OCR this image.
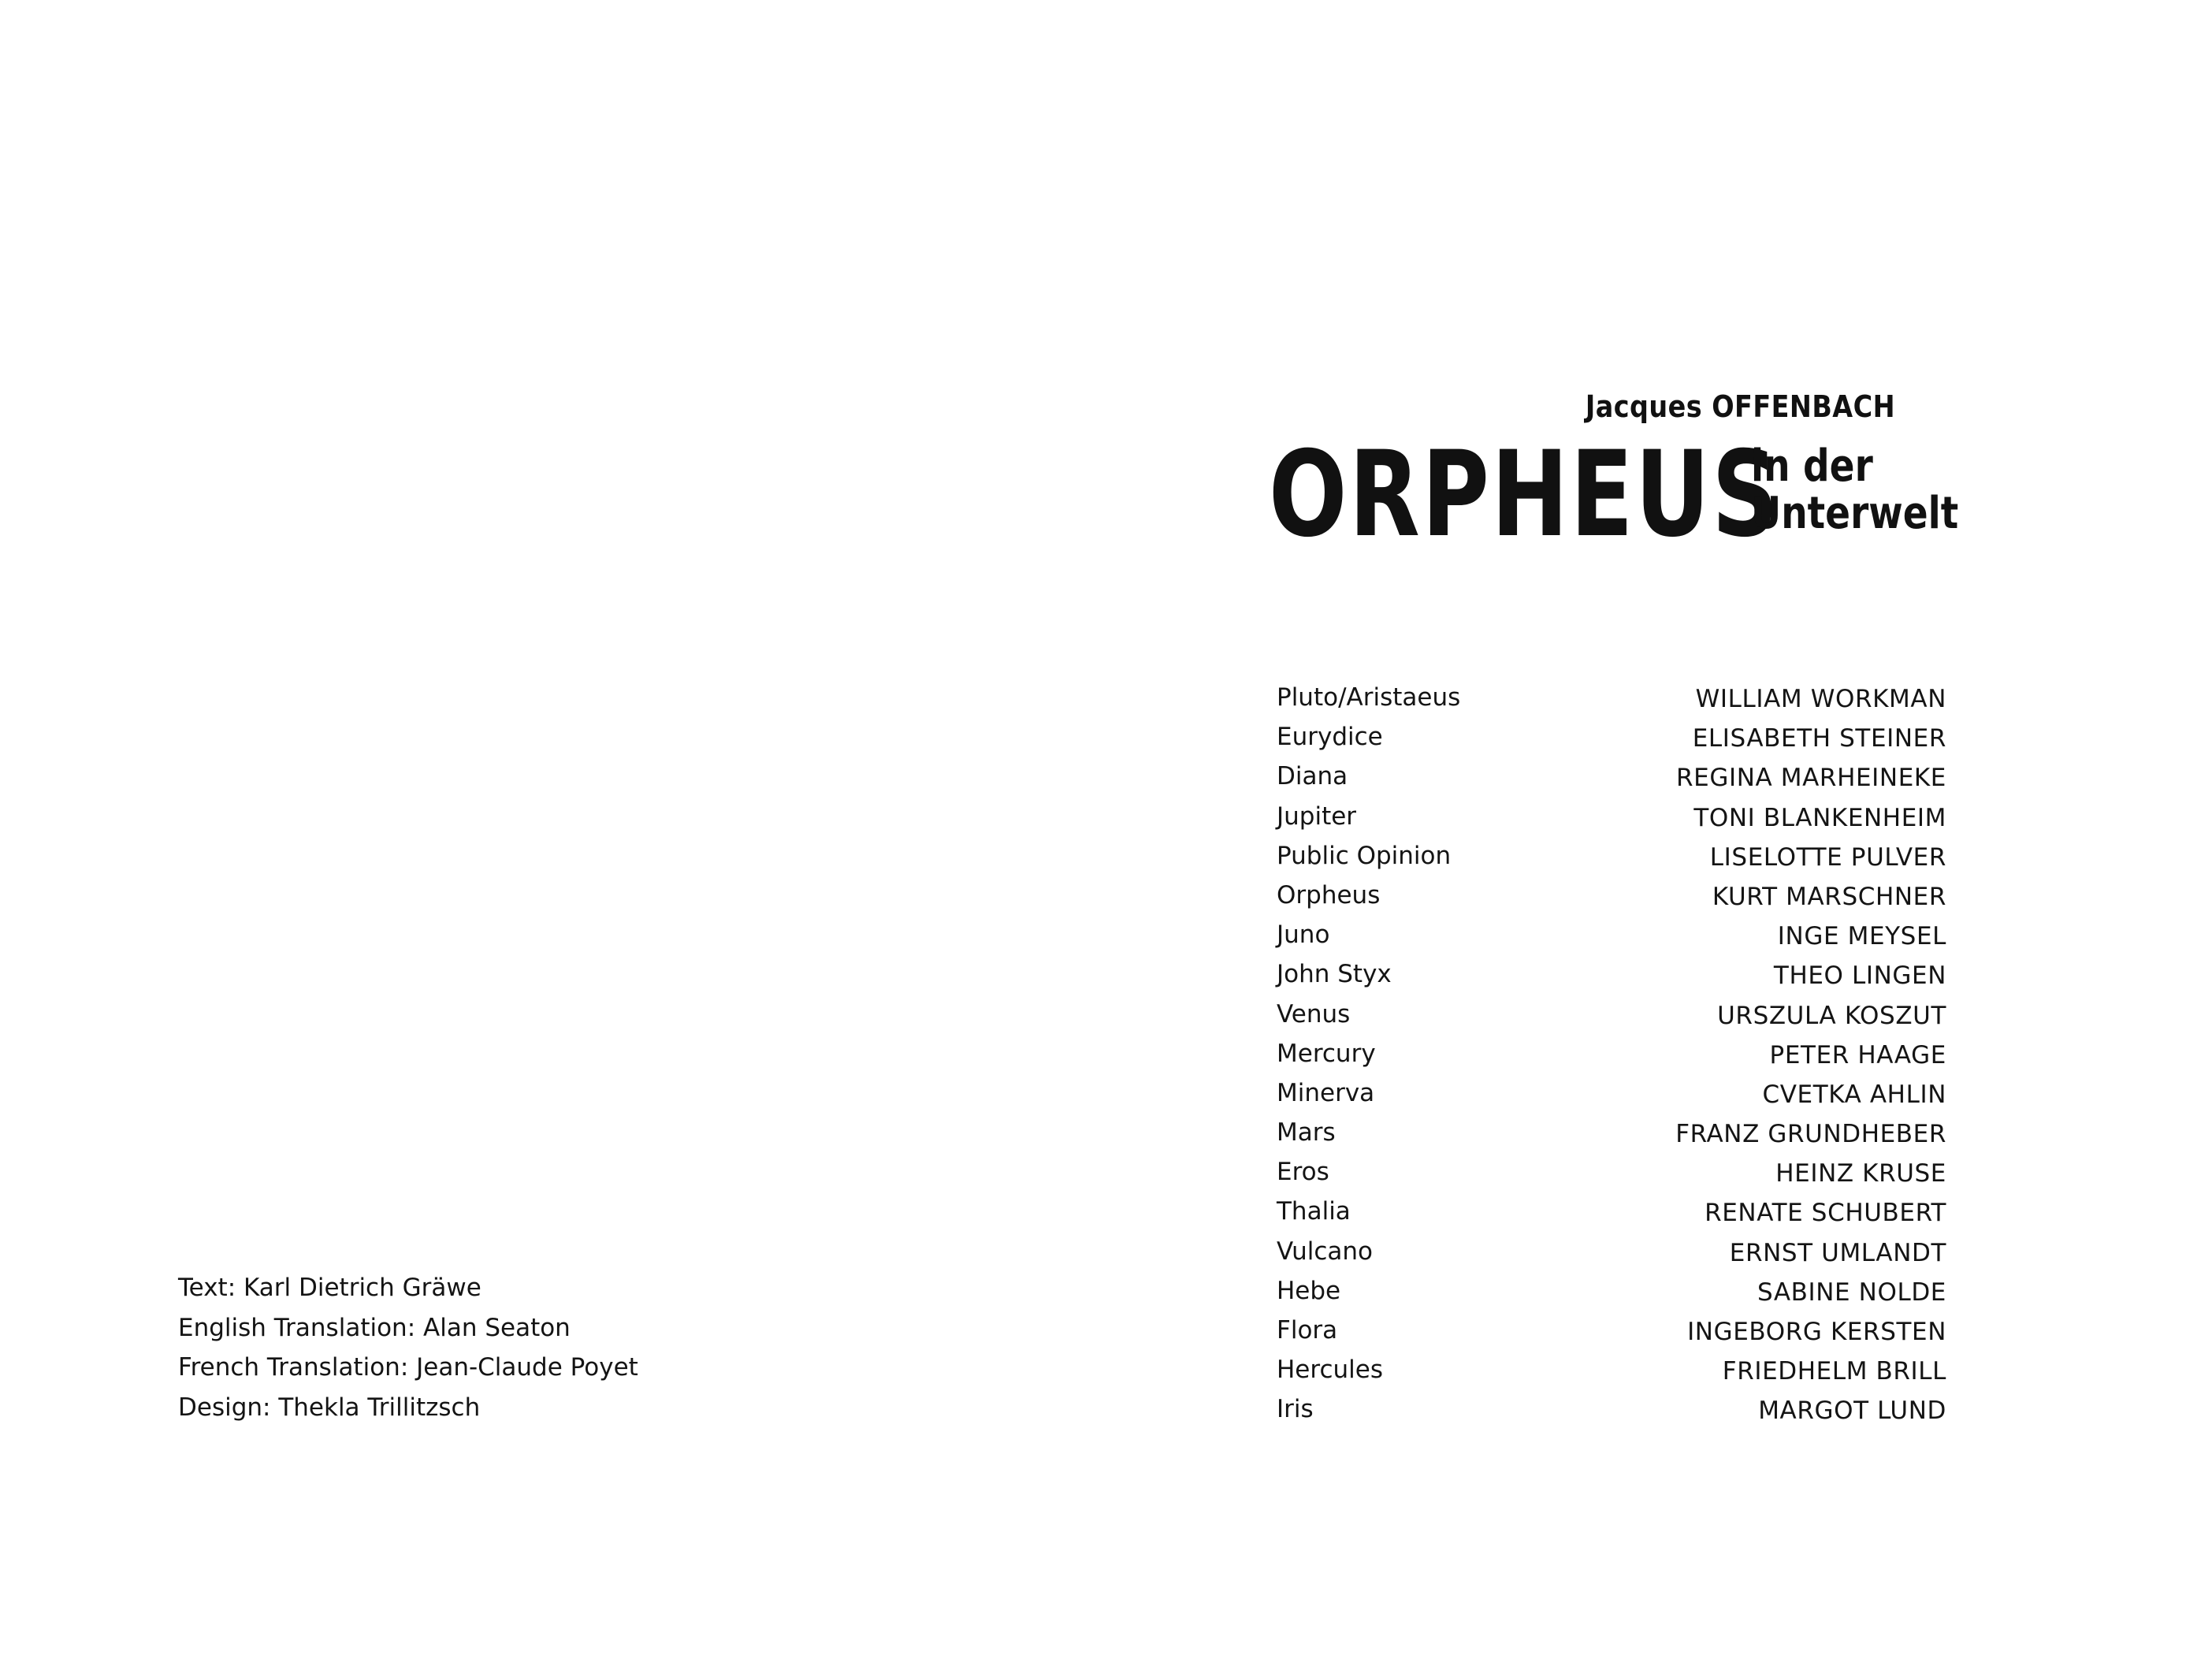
Jacques OFFENBACH
ORPHEUS
in der
Unterwelt
Pluto/Aristaeus	WILLIAM WORKMAN
Eurydice	ELISABETH STEINER
Diana	REGINA MARHEINEKE
Jupiter	TONI BLANKENHEIM
Public Opinion	LISELOTTE PULVER
Orpheus	KURT MARSCHNER
Juno	INGE MEYSEL
John Styx	THEO LINGEN
Venus	URSZULA KOSZUT
Mercury	PETER HAAGE
Minerva	CVETKA AHLIN
Mars	FRANZ GRUNDHEBER
Eros	HEINZ KRUSE
Thalia	RENATE SCHUBERT
Vulcano	ERNST UMLANDT
Hebe	SABINE NOLDE
Flora	INGEBORG KERSTEN
Hercules	FRIEDHELM BRILL
Iris	MARGOT LUND
Text: Karl Dietrich Gräwe
English Translation: Alan Seaton
French Translation: Jean-Claude Poyet
Design: Thekla Trillitzsch
